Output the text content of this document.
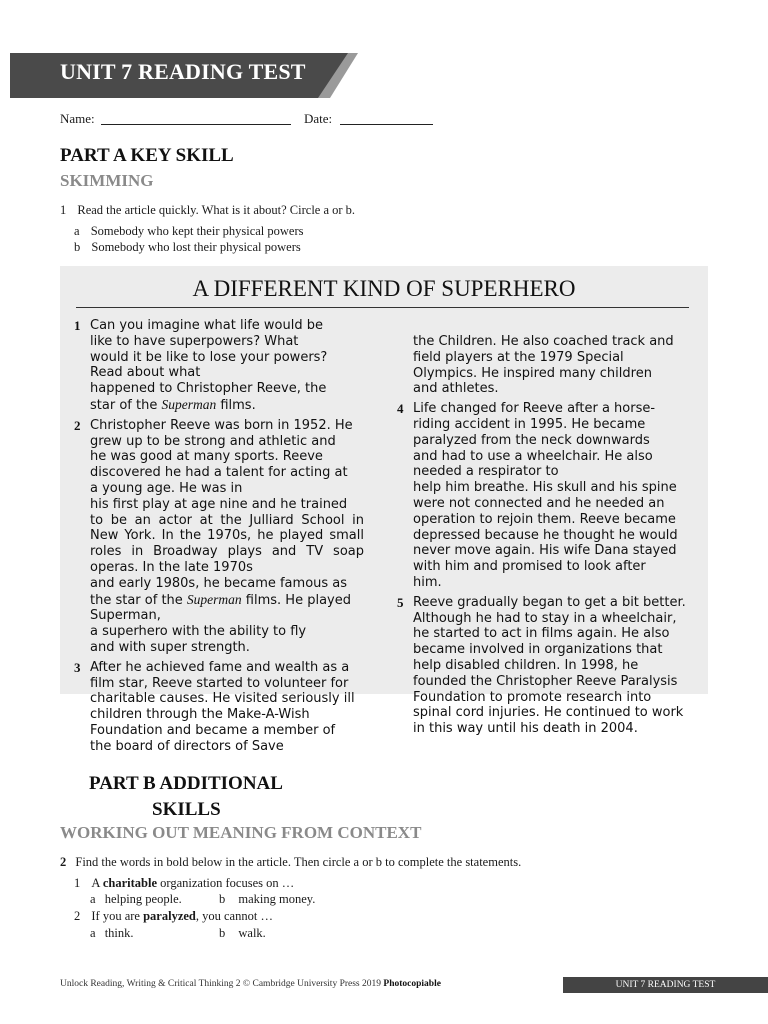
UNIT 7 READING TEST
Name:	Date:
PART A KEY SKILL
SKIMMING
1 Read the article quickly. What is it about? Circle a or b.
a Somebody who kept their physical powers
b Somebody who lost their physical powers
A DIFFERENT KIND OF SUPERHERO
1 Can you imagine what life would be
like to have superpowers? What
would it be like to lose your powers?
Read about what
happened to Christopher Reeve, the
star of the Superman films.
2 Christopher Reeve was born in 1952. He
grew up to be strong and athletic and
he was good at many sports. Reeve
discovered he had a talent for acting at
a young age. He was in
his first play at age nine and he trained
to be an actor at the Julliard School in
New York. In the 1970s, he played small
roles in Broadway plays and TV soap
operas. In the late 1970s
and early 1980s, he became famous as
the star of the Superman films. He played
Superman,
a superhero with the ability to fly
and with super strength.
3 After he achieved fame and wealth as a
film star, Reeve started to volunteer for
charitable causes. He visited seriously ill
children through the Make-A-Wish
Foundation and became a member of
the board of directors of Save
the Children. He also coached track and
field players at the 1979 Special
Olympics. He inspired many children
and athletes.
4 Life changed for Reeve after a horse-
riding accident in 1995. He became
paralyzed from the neck downwards
and had to use a wheelchair. He also
needed a respirator to
help him breathe. His skull and his spine
were not connected and he needed an
operation to rejoin them. Reeve became
depressed because he thought he would
never move again. His wife Dana stayed
with him and promised to look after
him.
5 Reeve gradually began to get a bit better.
Although he had to stay in a wheelchair,
he started to act in films again. He also
became involved in organizations that
help disabled children. In 1998, he
founded the Christopher Reeve Paralysis
Foundation to promote research into
spinal cord injuries. He continued to work
in this way until his death in 2004.
PART B ADDITIONAL
SKILLS
WORKING OUT MEANING FROM CONTEXT
2 Find the words in bold below in the article. Then circle a or b to complete the statements.
1 A charitable organization focuses on …
a helping people.	b making money.
2 If you are paralyzed, you cannot …
a think.	b walk.
Unlock Reading, Writing & Critical Thinking 2 © Cambridge University Press 2019 Photocopiable	UNIT 7 READING TEST
